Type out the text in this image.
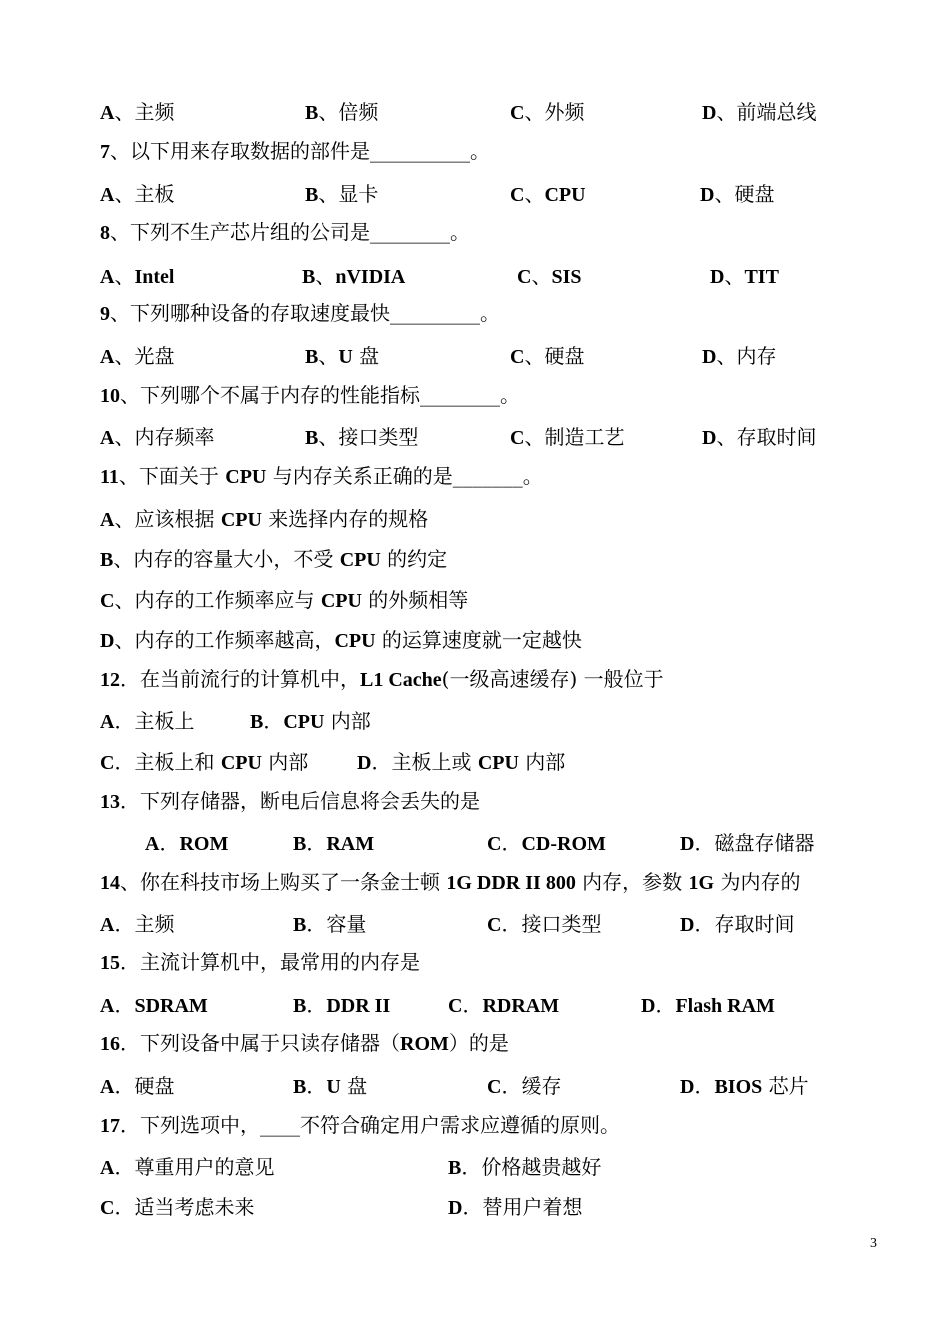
A、主频	B、倍频	C、外频	D、前端总线
7、以下用来存取数据的部件是__________。
A、主板	B、显卡	C、CPU	D、硬盘
8、下列不生产芯片组的公司是________。
A、Intel	B、nVIDIA	C、SIS	D、TIT
9、下列哪种设备的存取速度最快_________。
A、光盘	B、U 盘	C、硬盘	D、内存
10、下列哪个不属于内存的性能指标________。
A、内存频率	B、接口类型	C、制造工艺	D、存取时间
11、下面关于 CPU 与内存关系正确的是_______。
A、应该根据 CPU 来选择内存的规格
B、内存的容量大小，不受 CPU 的约定
C、内存的工作频率应与 CPU 的外频相等
D、内存的工作频率越高，CPU 的运算速度就一定越快
12．在当前流行的计算机中，L1 Cache(一级高速缓存) 一般位于
A．主板上	B．CPU 内部
C．主板上和 CPU 内部 D．主板上或 CPU 内部
13．下列存储器，断电后信息将会丢失的是
A．ROM	B．RAM	C．CD-ROM	D．磁盘存储器
14、你在科技市场上购买了一条金士顿 1G DDR II 800 内存，参数 1G 为内存的
A．主频	B．容量	C．接口类型	D．存取时间
15．主流计算机中，最常用的内存是
A．SDRAM	B．DDR II	C．RDRAM	D．Flash RAM
16．下列设备中属于只读存储器（ROM）的是
A．硬盘	B．U 盘	C．缓存	D．BIOS 芯片
17．下列选项中，____不符合确定用户需求应遵循的原则。
A．尊重用户的意见	B．价格越贵越好
C．适当考虑未来	D．替用户着想
3
